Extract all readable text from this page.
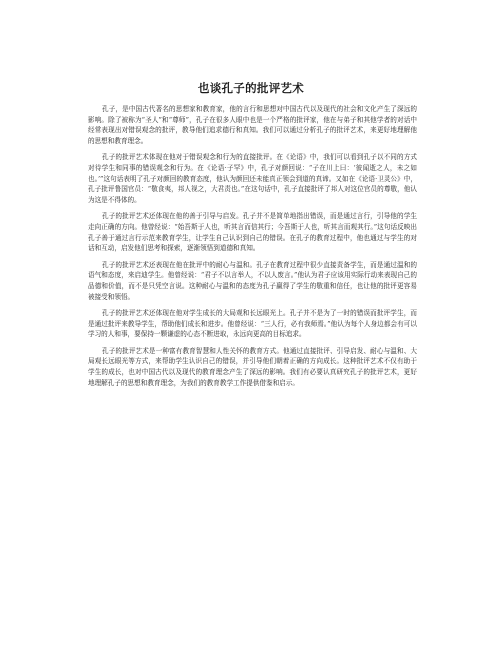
也谈孔子的批评艺术

孔子，是中国古代著名的思想家和教育家，他的言行和思想对中国古代以及现代的社会和文化产生了深远的影响。除了被称为“圣人”和“尊师”，孔子在很多人眼中也是一个严格的批评家，他在与弟子和其他学者的对话中经常表现出对错误观念的批评，教导他们追求德行和真知。我们可以通过分析孔子的批评艺术，来更好地理解他的思想和教育理念。

孔子的批评艺术体现在他对于错误观念和行为的直接批评。在《论语》中，我们可以看到孔子以不同的方式对待学生和同事的错误观念和行为。在《论语·子罕》中，孔子对颜回说：“子在川上曰：‘彼闻逝之人，未之如也。’”这句话表明了孔子对颜回的教育态度，他认为颜回还未能真正领会到道的真谛。又如在《论语·卫灵公》中，孔子批评鲁国官员：“敬食夷，邦人视之，大君责也。”在这句话中，孔子直接批评了邦人对这位官员的尊敬，他认为这是不得体的。

孔子的批评艺术还体现在他的善于引导与启发。孔子并不是简单地指出错误，而是通过言行，引导他的学生走向正确的方向。他曾经说：“始吾斯于人也，听其言而信其行；今吾斯于人也，听其言而观其行。”这句话反映出孔子善于通过言行示范来教育学生，让学生自己认识到自己的错误。在孔子的教育过程中，他也通过与学生的对话和互动，启发他们思考和探索，逐渐领悟到道德和真知。

孔子的批评艺术还表现在他在批评中的耐心与温和。孔子在教育过程中很少直接责备学生，而是通过温和的语气和态度，来启迪学生。他曾经说：“君子不以言举人，不以人废言。”他认为君子应该用实际行动来表现自己的品德和价值，而不是只凭空言说。这种耐心与温和的态度为孔子赢得了学生的敬重和信任，也让他的批评更容易被接受和领悟。

孔子的批评艺术还体现在他对学生成长的大局观和长远眼光上。孔子并不是为了一时的错误而批评学生，而是通过批评来教导学生，帮助他们成长和进步。他曾经说：“三人行，必有我师焉。”他认为每个人身边都会有可以学习的人和事，要保持一颗谦虚的心态不断进取，永远向更高的目标追求。

孔子的批评艺术是一种富有教育智慧和人性关怀的教育方式。他通过直接批评、引导启发、耐心与温和、大局观长远眼光等方式，来帮助学生认识自己的错误，并引导他们朝着正确的方向成长。这种批评艺术不仅有助于学生的成长，也对中国古代以及现代的教育理念产生了深远的影响。我们有必要认真研究孔子的批评艺术，更好地理解孔子的思想和教育理念，为我们的教育教学工作提供借鉴和启示。
